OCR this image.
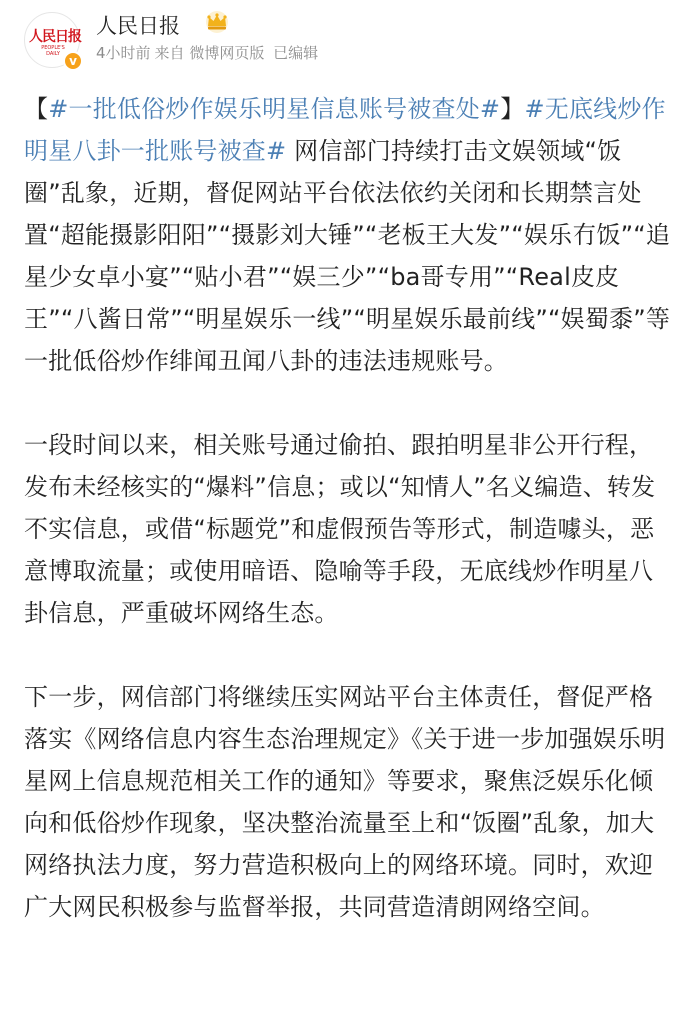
人民日报
PEOPLE'S DAILY v
人民日报
4小时前 来自 微博网页版 已编辑

【#一批低俗炒作娱乐明星信息账号被查处#】#无底线炒作明星八卦一批账号被查# 网信部门持续打击文娱领域“饭圈”乱象，近期，督促网站平台依法依约关闭和长期禁言处置“超能摄影阳阳”“摄影刘大锤”“老板王大发”“娱乐冇饭”“追星少女卓小宴”“贴小君”“娱三少”“ba哥专用”“Real皮皮王”“八酱日常”“明星娱乐一线”“明星娱乐最前线”“娱蜀黍”等一批低俗炒作绯闻丑闻八卦的违法违规账号。

一段时间以来，相关账号通过偷拍、跟拍明星非公开行程，发布未经核实的“爆料”信息；或以“知情人”名义编造、转发不实信息，或借“标题党”和虚假预告等形式，制造噱头，恶意博取流量；或使用暗语、隐喻等手段，无底线炒作明星八卦信息，严重破坏网络生态。

下一步，网信部门将继续压实网站平台主体责任，督促严格落实《网络信息内容生态治理规定》《关于进一步加强娱乐明星网上信息规范相关工作的通知》等要求，聚焦泛娱乐化倾向和低俗炒作现象，坚决整治流量至上和“饭圈”乱象，加大网络执法力度，努力营造积极向上的网络环境。同时，欢迎广大网民积极参与监督举报，共同营造清朗网络空间。
